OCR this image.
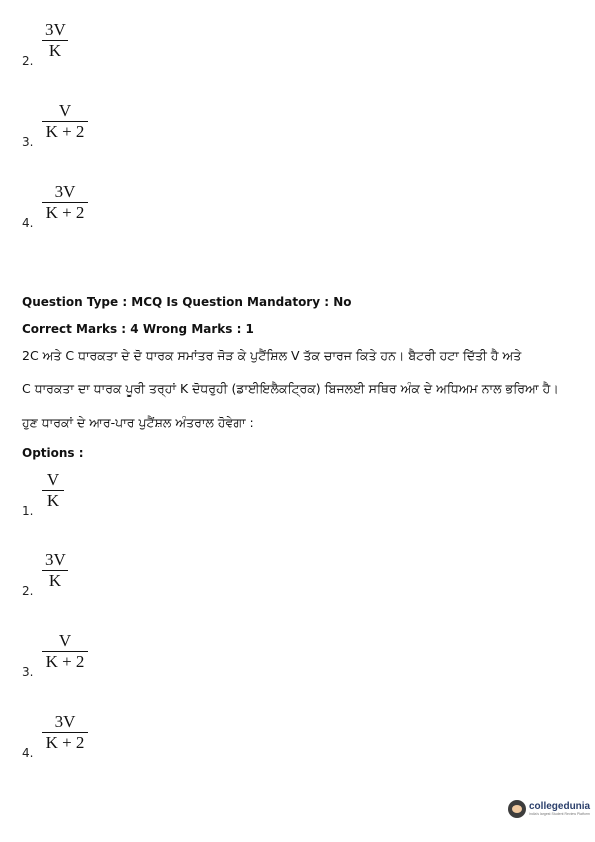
2.
3V
K
3.
V
K + 2
4.
3V
K + 2
Question Type : MCQ Is Question Mandatory : No
Correct Marks : 4 Wrong Marks : 1
2C ਅਤੇ C ਧਾਰਕਤਾ ਦੇ ਦੋ ਧਾਰਕ ਸਮਾਂਤਰ ਜੋੜ ਕੇ ਪੁਟੈਂਸ਼ਿਲ V ਤੱਕ ਚਾਰਜ ਕਿਤੇ ਹਨ। ਬੈਟਰੀ ਹਟਾ ਦਿੱਤੀ ਹੈ ਅਤੇ
C ਧਾਰਕਤਾ ਦਾ ਧਾਰਕ ਪੂਰੀ ਤਰ੍ਹਾਂ K ਦੋਧਰੁਹੀ (ਡਾਈਇਲੈਕਟ੍ਰਿਕ) ਬਿਜਲਈ ਸਥਿਰ ਅੰਕ ਦੇ ਅਧਿਅਮ ਨਾਲ ਭਰਿਆ ਹੈ।
ਹੁਣ ਧਾਰਕਾਂ ਦੇ ਆਰ-ਪਾਰ ਪੁਟੈਂਸ਼ਲ ਅੰਤਰਾਲ ਹੋਵੇਗਾ :
Options :
1.
V
K
2.
3V
K
3.
V
K + 2
4.
3V
K + 2
collegedunia
India's largest Student Review Platform
